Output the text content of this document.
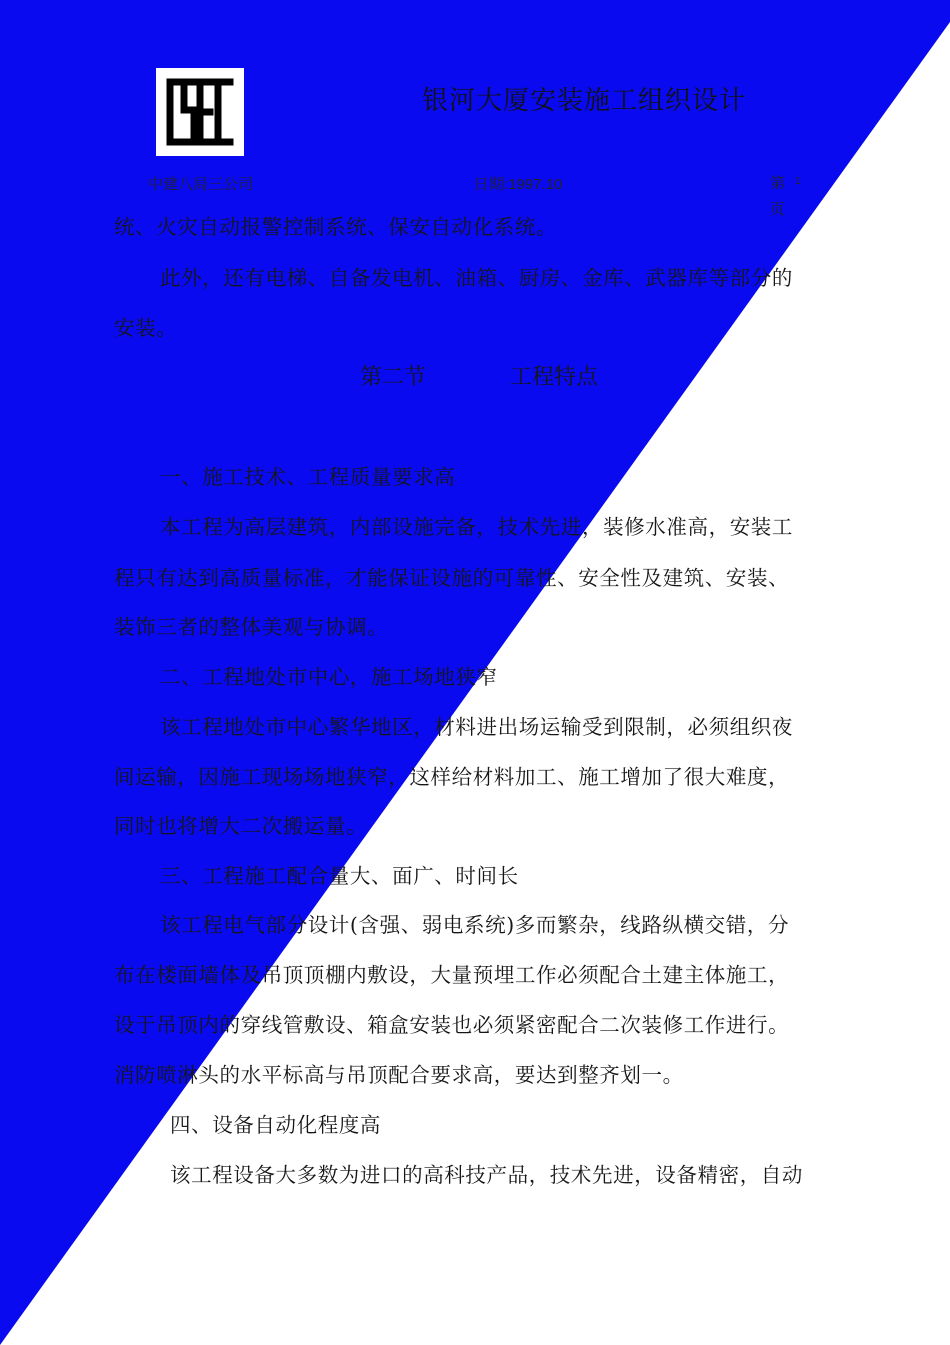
银河大厦安装施工组织设计
中建八局三公司	日期:1997.10	第 1
页
统、火灾自动报警控制系统、保安自动化系统。
此外，还有电梯、自备发电机、油箱、厨房、金库、武器库等部分的
安装。
第二节	工程特点
一、施工技术、工程质量要求高
本工程为高层建筑，内部设施完备，技术先进，装修水准高，安装工
程只有达到高质量标准，才能保证设施的可靠性、安全性及建筑、安装、
装饰三者的整体美观与协调。
二、工程地处市中心，施工场地狭窄
该工程地处市中心繁华地区，材料进出场运输受到限制，必须组织夜
间运输，因施工现场场地狭窄，这样给材料加工、施工增加了很大难度，
同时也将增大二次搬运量。
三、工程施工配合量大、面广、时间长
该工程电气部分设计(含强、弱电系统)多而繁杂，线路纵横交错，分
布在楼面墙体及吊顶顶棚内敷设，大量预埋工作必须配合土建主体施工，
设于吊顶内的穿线管敷设、箱盒安装也必须紧密配合二次装修工作进行。
消防喷淋头的水平标高与吊顶配合要求高，要达到整齐划一。
四、设备自动化程度高
该工程设备大多数为进口的高科技产品，技术先进，设备精密，自动
